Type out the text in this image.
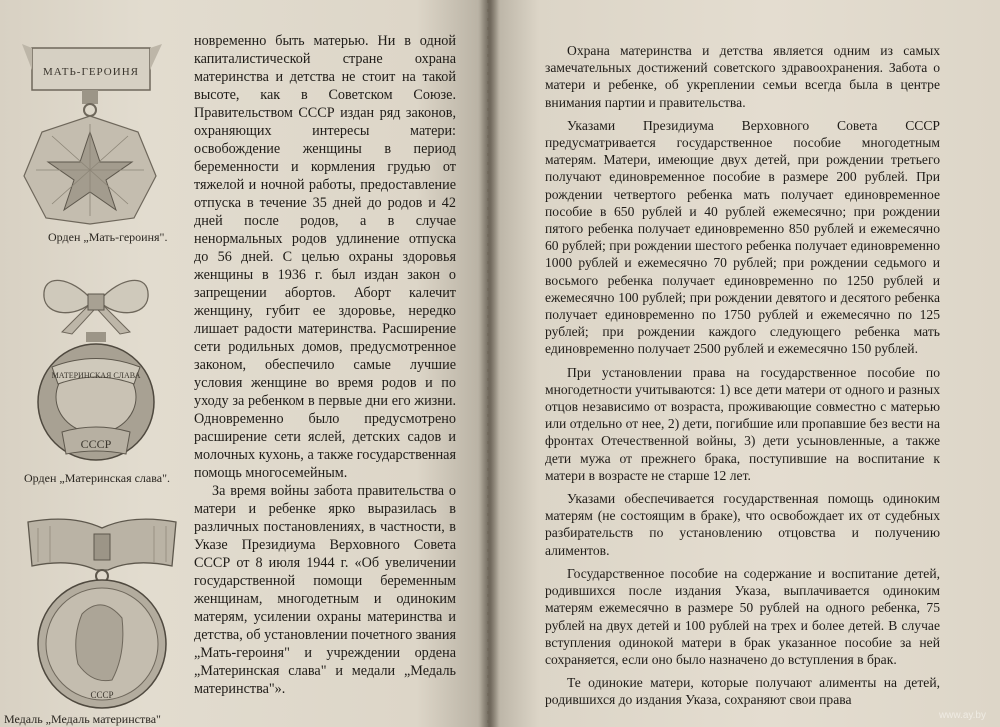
МАТЬ-ГЕРОИНЯ
Орден „Мать-героиня".
МАТЕРИНСКАЯ СЛАВА
СССР
Орден „Материнская слава".
СССР
Медаль „Медаль материнства"

новременно быть матерью. Ни в одной капиталистической стране охрана материнства и детства не стоит на такой высоте, как в Советском Союзе. Правительством СССР издан ряд законов, охраняющих интересы матери: освобождение женщины в период беременности и кормления грудью от тяжелой и ночной работы, предоставление отпуска в течение 35 дней до родов и 42 дней после родов, а в случае ненормальных родов удлинение отпуска до 56 дней. С целью охраны здоровья женщины в 1936 г. был издан закон о запрещении абортов. Аборт калечит женщину, губит ее здоровье, нередко лишает радости материнства. Расширение сети родильных домов, предусмотренное законом, обеспечило самые лучшие условия женщине во время родов и по уходу за ребенком в первые дни его жизни. Одновременно было предусмотрено расширение сети яслей, детских садов и молочных кухонь, а также государственная помощь многосемейным.

За время войны забота правительства о матери и ребенке ярко выразилась в различных постановлениях, в частности, в Указе Президиума Верховного Совета СССР от 8 июля 1944 г. «Об увеличении государственной помощи беременным женщинам, многодетным и одиноким матерям, усилении охраны материнства и детства, об установлении почетного звания „Мать-героиня" и учреждении ордена „Материнская слава" и медали „Медаль материнства"».

Охрана материнства и детства является одним из самых замечательных достижений советского здравоохранения. Забота о матери и ребенке, об укреплении семьи всегда была в центре внимания партии и правительства.

Указами Президиума Верховного Совета СССР предусматривается государственное пособие многодетным матерям. Матери, имеющие двух детей, при рождении третьего получают единовременное пособие в размере 200 рублей. При рождении четвертого ребенка мать получает единовременное пособие в 650 рублей и 40 рублей ежемесячно; при рождении пятого ребенка получает единовременно 850 рублей и ежемесячно 60 рублей; при рождении шестого ребенка получает единовременно 1000 рублей и ежемесячно 70 рублей; при рождении седьмого и восьмого ребенка получает единовременно по 1250 рублей и ежемесячно 100 рублей; при рождении девятого и десятого ребенка получает единовременно по 1750 рублей и ежемесячно по 125 рублей; при рождении каждого следующего ребенка мать единовременно получает 2500 рублей и ежемесячно 150 рублей.

При установлении права на государственное пособие по многодетности учитываются: 1) все дети матери от одного и разных отцов независимо от возраста, проживающие совместно с матерью или отдельно от нее, 2) дети, погибшие или пропавшие без вести на фронтах Отечественной войны, 3) дети усыновленные, а также дети мужа от прежнего брака, поступившие на воспитание к матери в возрасте не старше 12 лет.

Указами обеспечивается государственная помощь одиноким матерям (не состоящим в браке), что освобождает их от судебных разбирательств по установлению отцовства и получению алиментов.

Государственное пособие на содержание и воспитание детей, родившихся после издания Указа, выплачивается одиноким матерям ежемесячно в размере 50 рублей на одного ребенка, 75 рублей на двух детей и 100 рублей на трех и более детей. В случае вступления одинокой матери в брак указанное пособие за ней сохраняется, если оно было назначено до вступления в брак.

Те одинокие матери, которые получают алименты на детей, родившихся до издания Указа, сохраняют свои права

www.ay.by
